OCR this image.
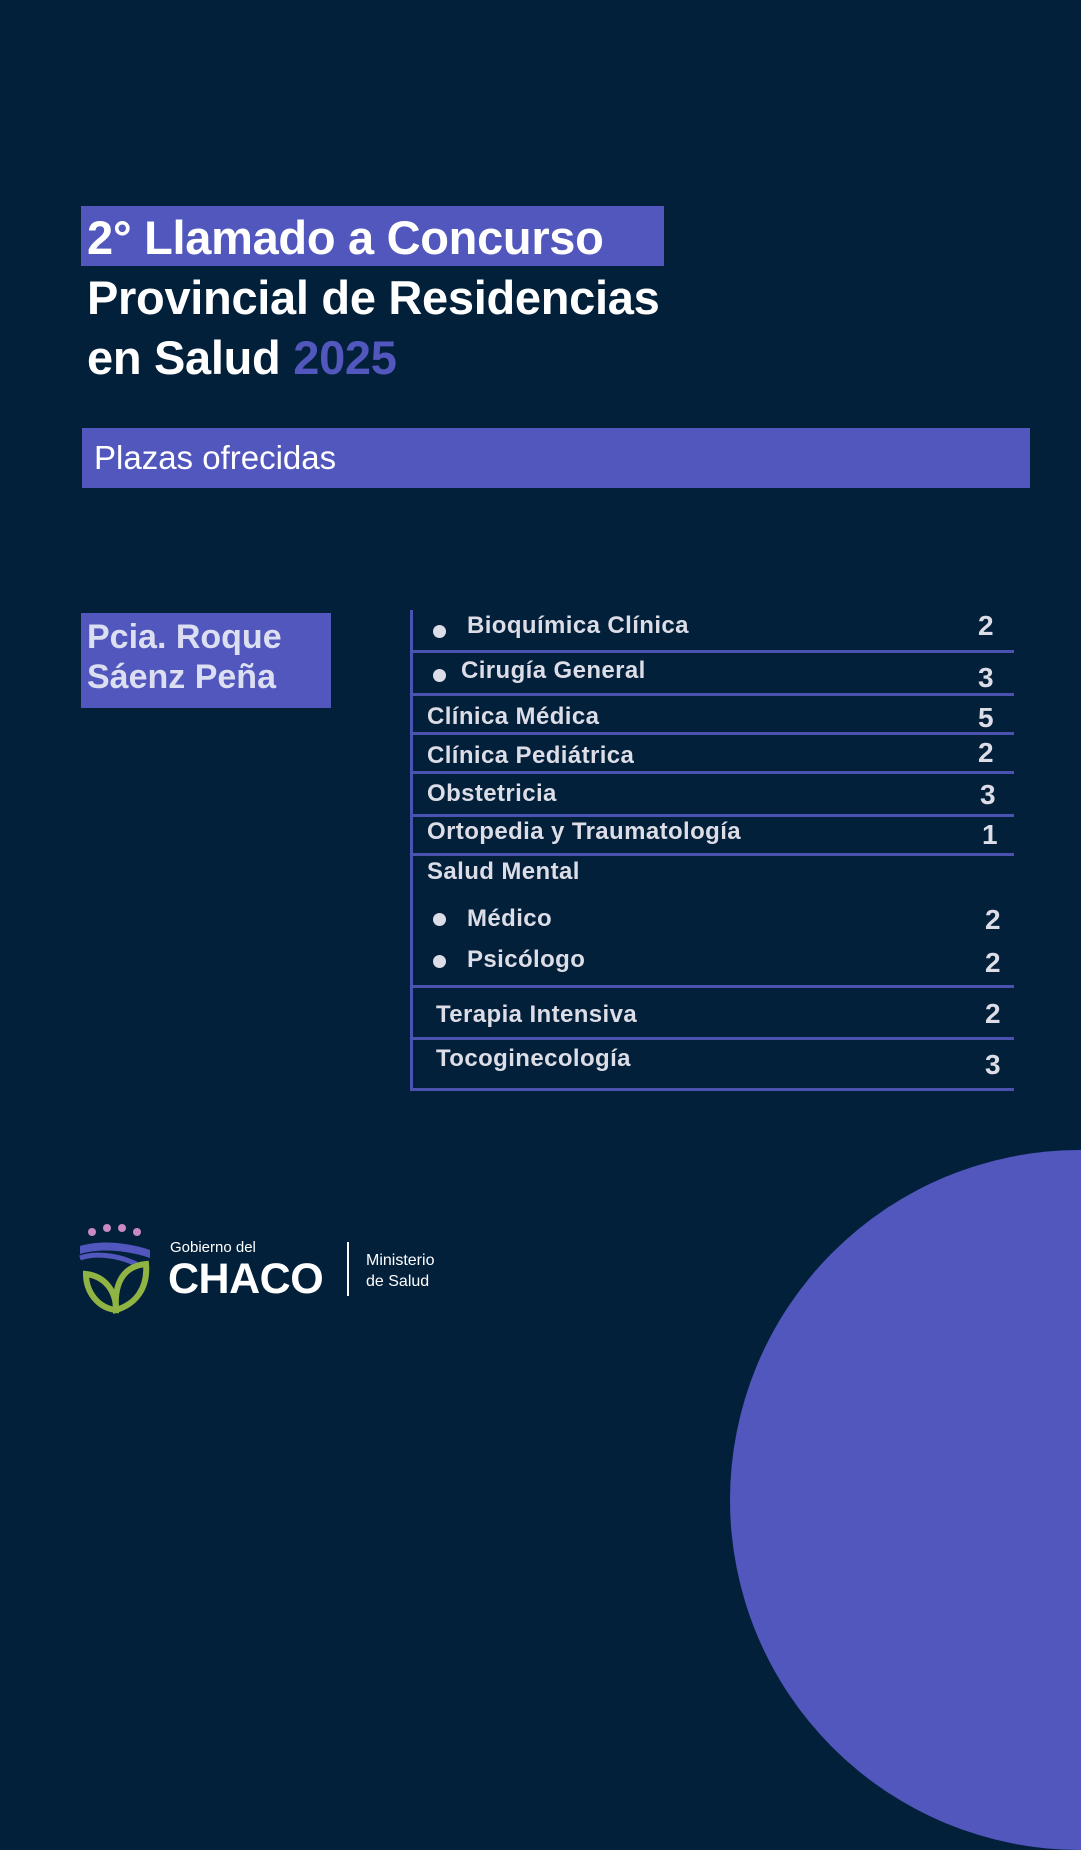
2° Llamado a Concurso
Provincial de Residencias
en Salud 2025
Plazas ofrecidas
Pcia. Roque
Sáenz Peña
Bioquímica Clínica	2
Cirugía General	3
Clínica Médica	5
Clínica Pediátrica	2
Obstetricia	3
Ortopedia y Traumatología	1
Salud Mental
Médico	2
Psicólogo	2
Terapia Intensiva	2
Tocoginecología	3
Gobierno del
CHACO	Ministerio
de Salud
